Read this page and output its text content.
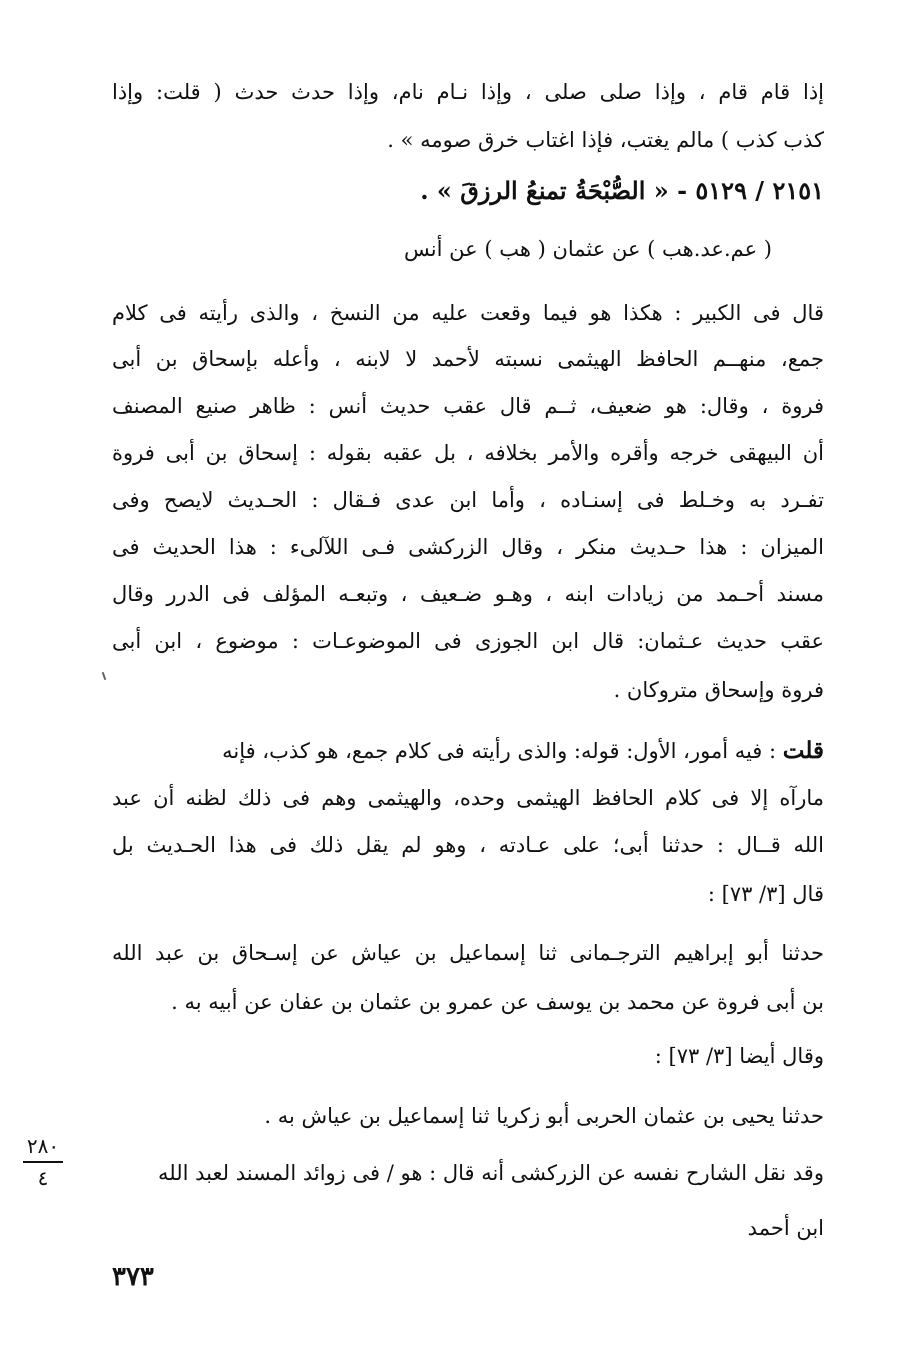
إذا قام قام ، وإذا صلى صلى ، وإذا نـام نام، وإذا حدث حدث ( قلت: وإذا
كذب كذب ) مالم يغتب، فإذا اغتاب خرق صومه » .
٢١٥١ / ٥١٢٩ - « الصُّبْحَةُ تمنعُ الرزقَ » .
( عم.عد.هب ) عن عثمان ( هب ) عن أنس
قال فى الكبير : هكذا هو فيما وقعت عليه من النسخ ، والذى رأيته فى كلام
جمع، منهــم الحافظ الهيثمى نسبته لأحمد لا لابنه ، وأعله بإسحاق بن أبى
فروة ، وقال: هو ضعيف، ثــم قال عقب حديث أنس : ظاهر صنيع المصنف
أن البيهقى خرجه وأقره والأمر بخلافه ، بل عقبه بقوله : إسحاق بن أبى فروة
تفـرد به وخـلط فى إسنـاده ، وأما ابن عدى فـقال : الحـديث لايصح وفى
الميزان : هذا حـديث منكر ، وقال الزركشى فـى اللآلىء : هذا الحديث فى
مسند أحـمد من زيادات ابنه ، وهـو ضـعيف ، وتبعـه المؤلف فى الدرر وقال
عقب حديث عـثمان: قال ابن الجوزى فى الموضوعـات : موضوع ، ابن أبى
فروة وإسحاق متروكان .
قلت : فيه أمور، الأول: قوله: والذى رأيته فى كلام جمع، هو كذب، فإنه
مارآه إلا فى كلام الحافظ الهيثمى وحده، والهيثمى وهم فى ذلك لظنه أن عبد
الله قــال : حدثنا أبى؛ على عـادته ، وهو لم يقل ذلك فى هذا الحـديث بل
قال [٣/ ٧٣] :
حدثنا أبو إبراهيم الترجـمانى ثنا إسماعيل بن عياش عن إسـحاق بن عبد الله
بن أبى فروة عن محمد بن يوسف عن عمرو بن عثمان بن عفان عن أبيه به .
وقال أيضا [٣/ ٧٣] :
حدثنا يحيى بن عثمان الحربى أبو زكريا ثنا إسماعيل بن عياش به .
وقد نقل الشارح نفسه عن الزركشى أنه قال : هو / فى زوائد المسند لعبد الله
ابن أحمد
٢٨٠
٤
٣٧٣
